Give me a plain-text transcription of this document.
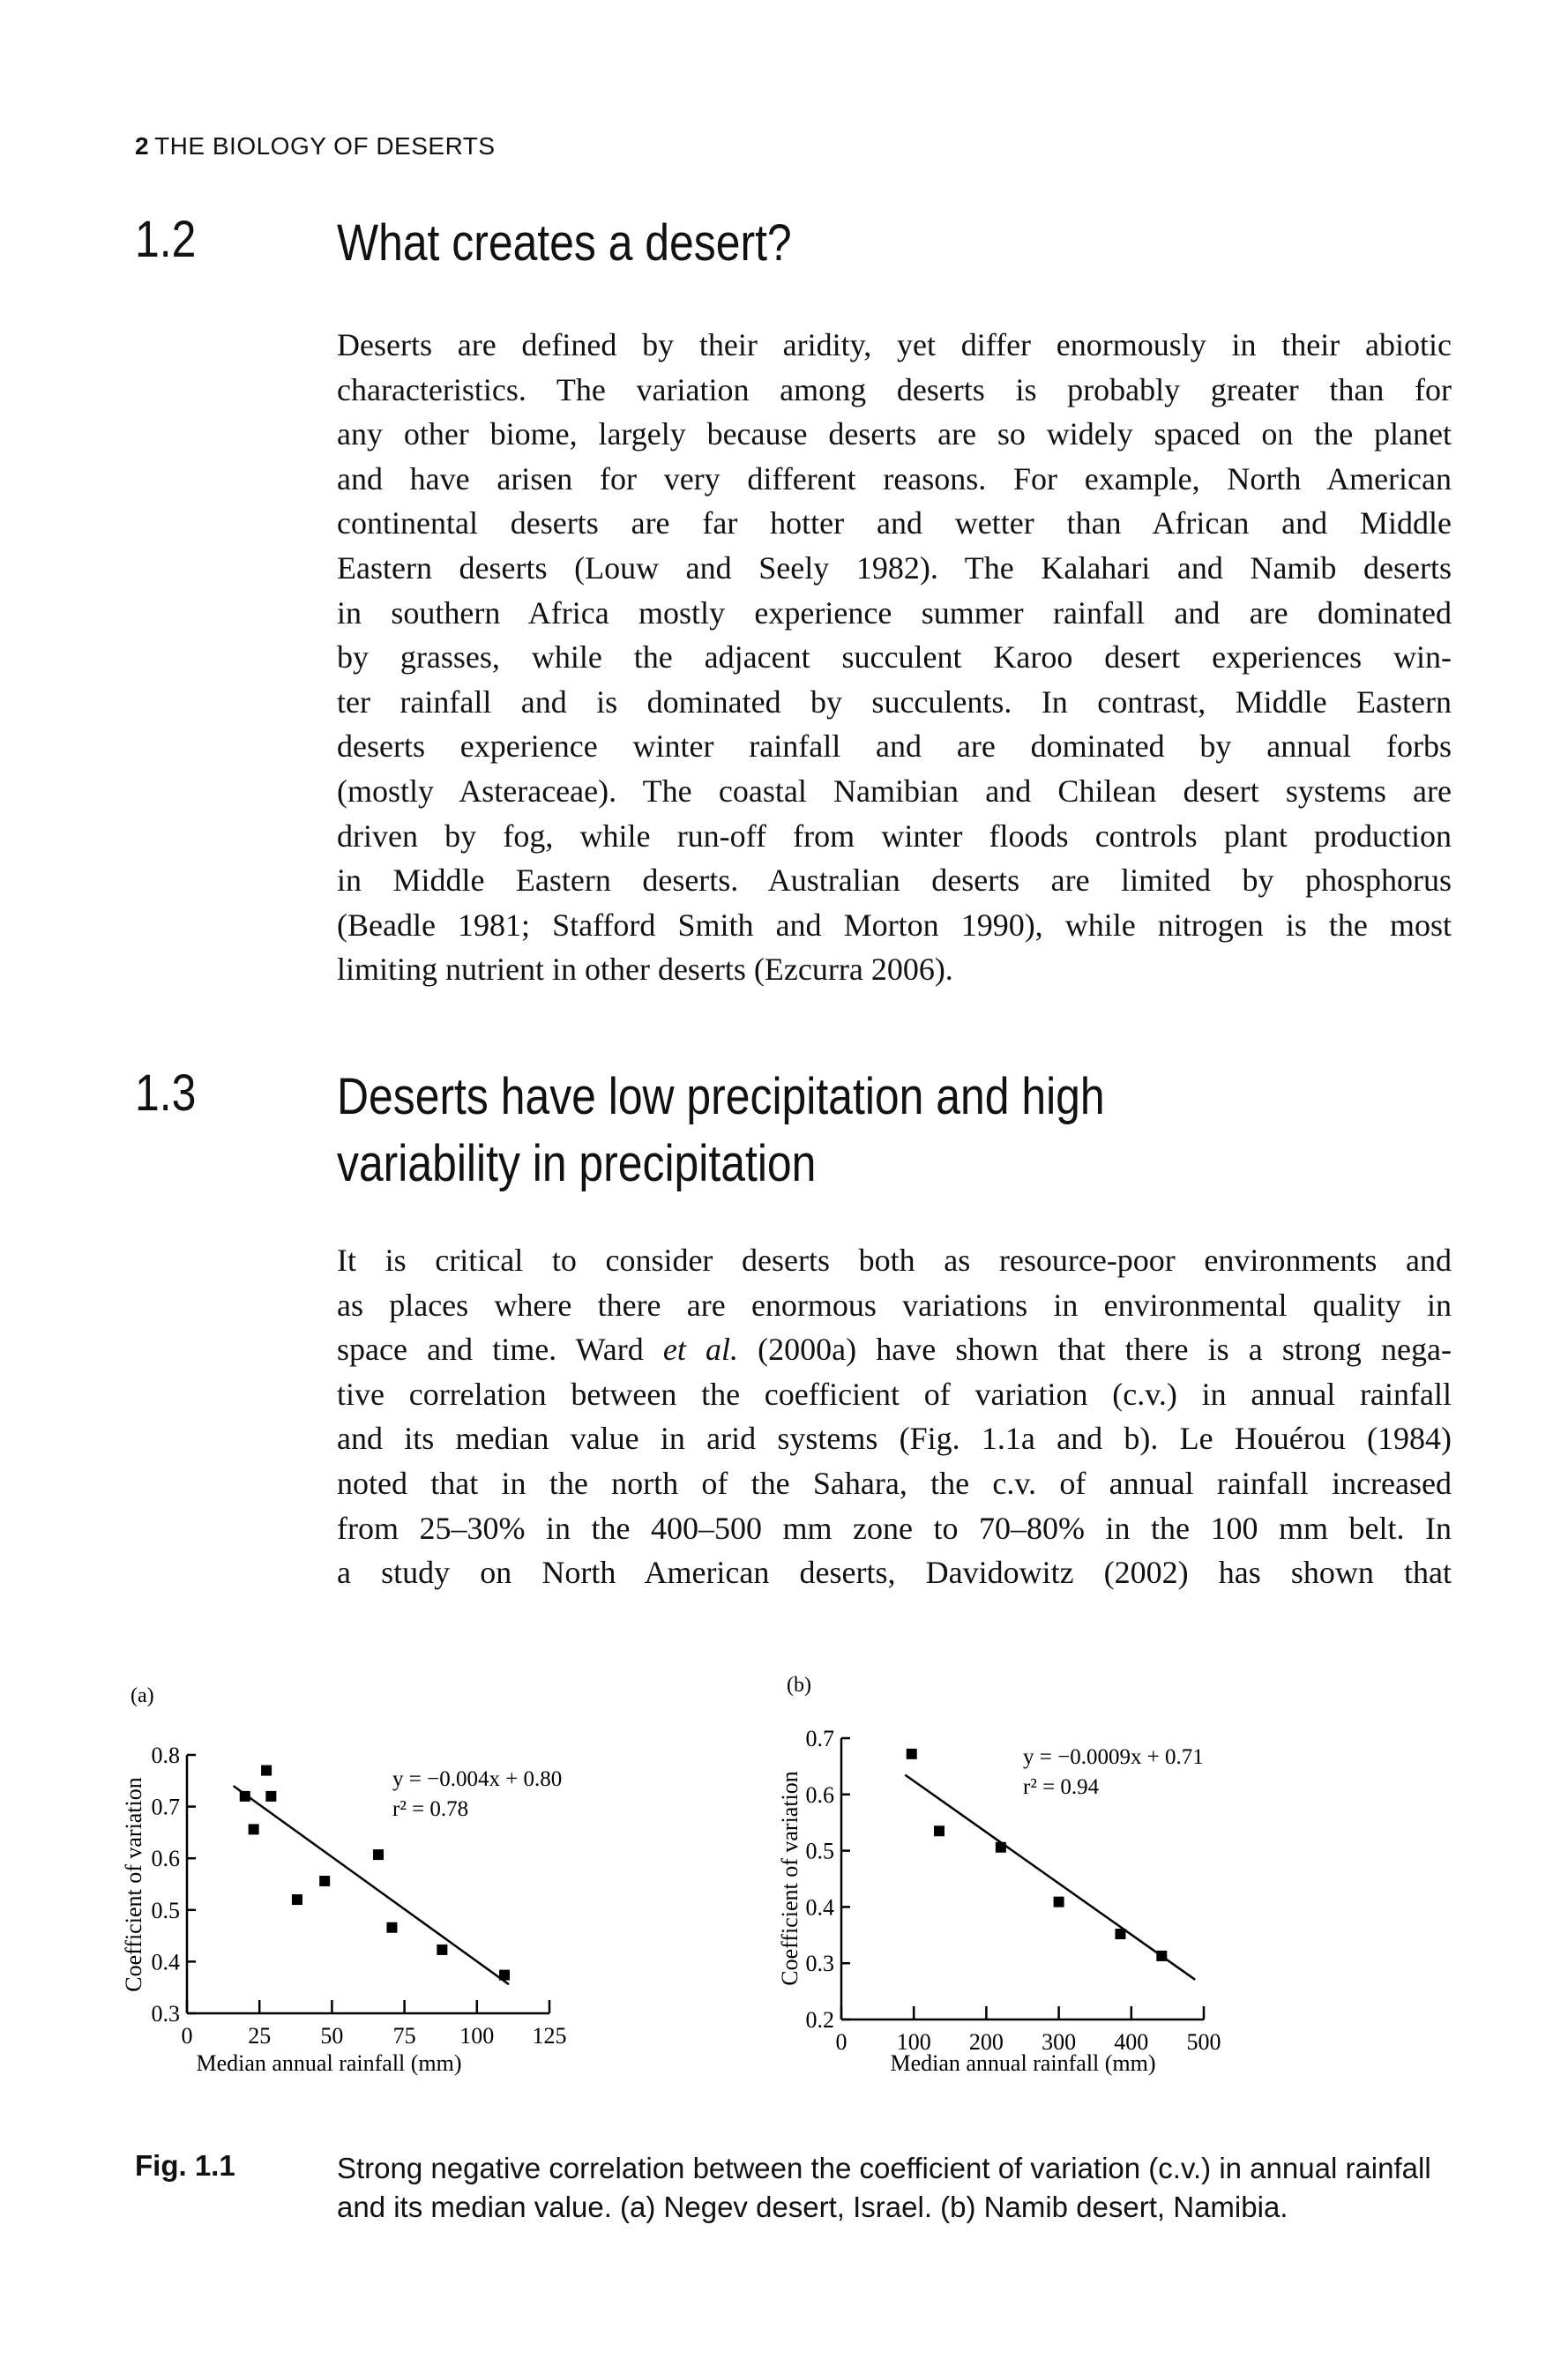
2 THE BIOLOGY OF DESERTS
1.2	What creates a desert?
Deserts are defined by their aridity, yet differ enormously in their abiotic
characteristics. The variation among deserts is probably greater than for
any other biome, largely because deserts are so widely spaced on the planet
and have arisen for very different reasons. For example, North American
continental deserts are far hotter and wetter than African and Middle
Eastern deserts (Louw and Seely 1982). The Kalahari and Namib deserts
in southern Africa mostly experience summer rainfall and are dominated
by grasses, while the adjacent succulent Karoo desert experiences win-
ter rainfall and is dominated by succulents. In contrast, Middle Eastern
deserts experience winter rainfall and are dominated by annual forbs
(mostly Asteraceae). The coastal Namibian and Chilean desert systems are
driven by fog, while run-off from winter floods controls plant production
in Middle Eastern deserts. Australian deserts are limited by phosphorus
(Beadle 1981; Stafford Smith and Morton 1990), while nitrogen is the most
limiting nutrient in other deserts (Ezcurra 2006).
1.3	Deserts have low precipitation and high
variability in precipitation
It is critical to consider deserts both as resource-poor environments and
as places where there are enormous variations in environmental quality in
space and time. Ward et al. (2000a) have shown that there is a strong nega-
tive correlation between the coefficient of variation (c.v.) in annual rainfall
and its median value in arid systems (Fig. 1.1a and b). Le Houérou (1984)
noted that in the north of the Sahara, the c.v. of annual rainfall increased
from 25–30% in the 400–500 mm zone to 70–80% in the 100 mm belt. In
a study on North American deserts, Davidowitz (2002) has shown that
(a)
0 25 50 75 100 125
0.3
0.4
0.5
0.6
0.7
0.8
y = −0.004x + 0.80
r² = 0.78
Median annual rainfall (mm)
Coefficient of variation
(b)
0 100 200 300 400 500
0.2
0.3
0.4
0.5
0.6
0.7
y = −0.0009x + 0.71
r² = 0.94
Median annual rainfall (mm)
Coefficient of variation
Fig. 1.1	Strong negative correlation between the coefficient of variation (c.v.) in annual rainfall
and its median value. (a) Negev desert, Israel. (b) Namib desert, Namibia.
